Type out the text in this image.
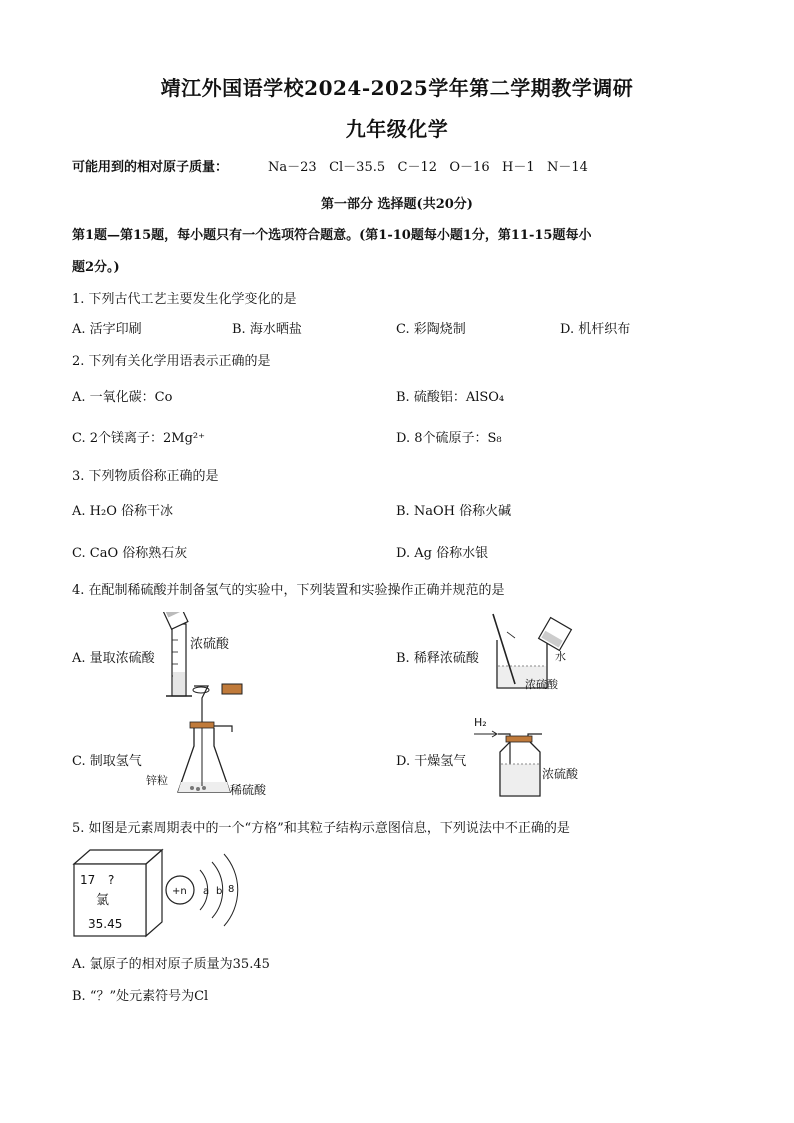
靖江外国语学校2024-2025学年第二学期教学调研
九年级化学
可能用到的相对原子质量：	Na－23   Cl－35.5   C－12   O－16   H－1   N－14
第一部分 选择题(共20分)
第1题—第15题，每小题只有一个选项符合题意。(第1-10题每小题1分，第11-15题每小
题2分。)
1. 下列古代工艺主要发生化学变化的是
A. 活字印刷	B. 海水晒盐	C. 彩陶烧制	D. 机杆织布
2. 下列有关化学用语表示正确的是
A. 一氧化碳：Co	B. 硫酸铝：AlSO₄
C. 2个镁离子：2Mg²⁺	D. 8个硫原子：S₈
3. 下列物质俗称正确的是
A. H₂O 俗称干冰	B. NaOH 俗称火碱
C. CaO 俗称熟石灰	D. Ag 俗称水银
4. 在配制稀硫酸并制备氢气的实验中，下列装置和实验操作正确并规范的是
A. 量取浓硫酸	B. 稀释浓硫酸
C. 制取氢气	D. 干燥氢气
浓硫酸
水
浓硫酸
锌粒
稀硫酸
H₂
浓硫酸
5. 如图是元素周期表中的一个“方格”和其粒子结构示意图信息，下列说法中不正确的是
17 ?
氯
35.45
+n a b 8
A. 氯原子的相对原子质量为35.45
B. “？”处元素符号为Cl
